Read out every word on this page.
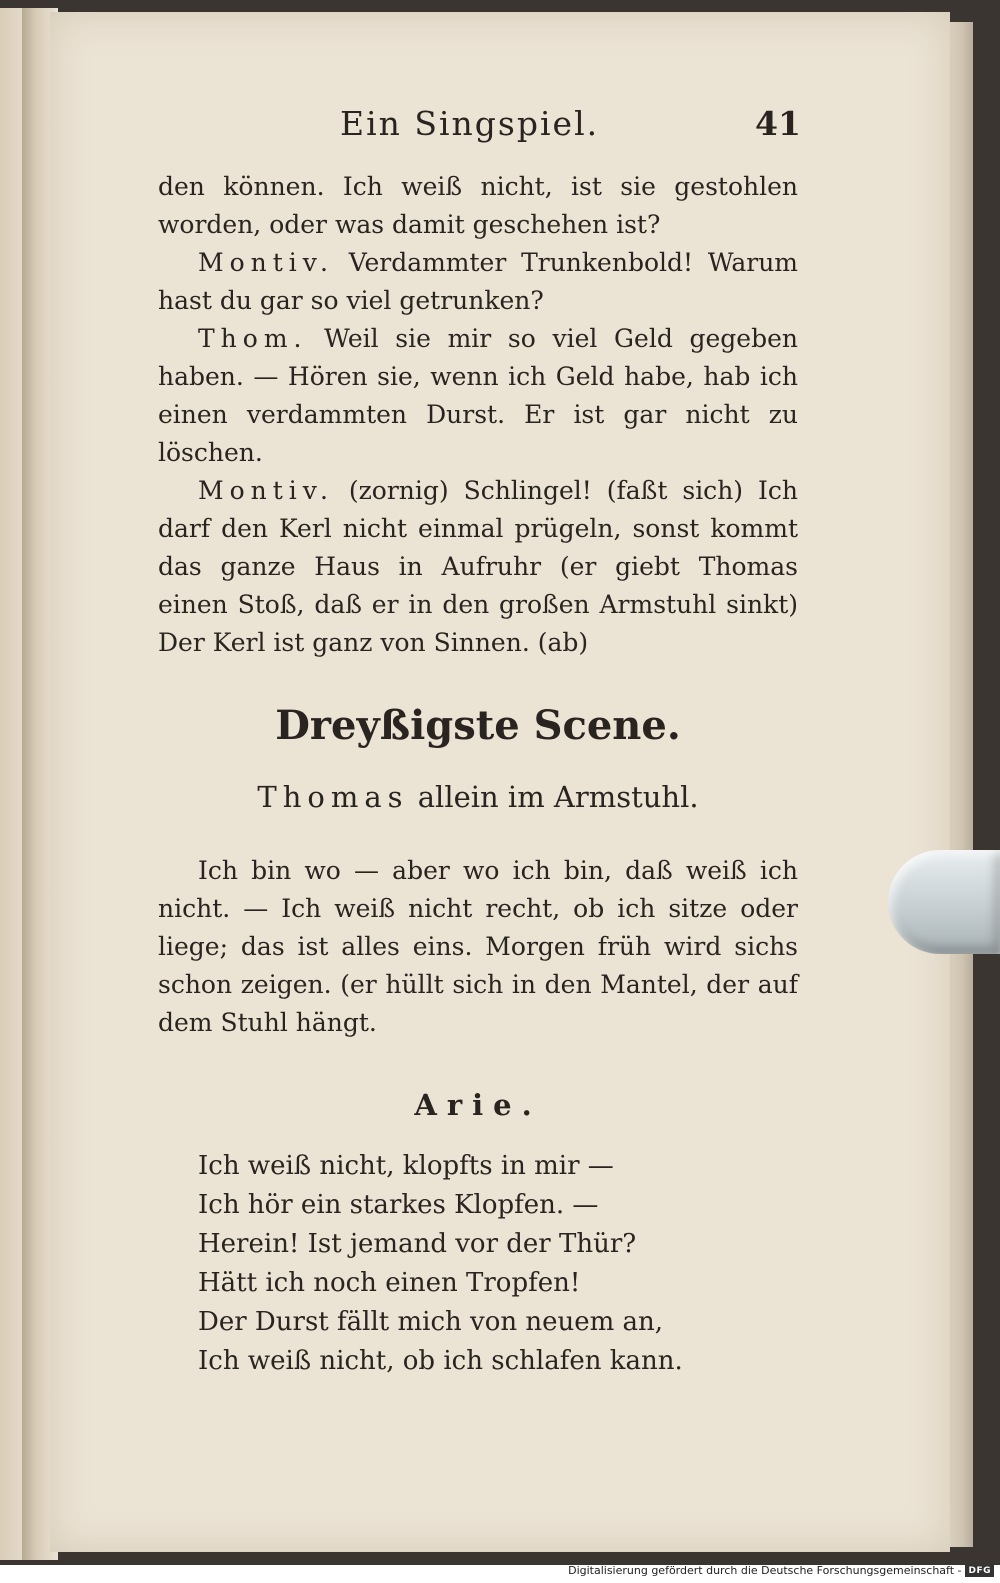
Ein Singspiel.	41

den können. Ich weiß nicht, ist sie gestohlen worden, oder was damit geschehen ist?

Montiv. Verdammter Trunkenbold! Warum hast du gar so viel getrunken?

Thom. Weil sie mir so viel Geld gegeben haben. — Hören sie, wenn ich Geld habe, hab ich einen verdammten Durst. Er ist gar nicht zu löschen.

Montiv. (zornig) Schlingel! (faßt sich) Ich darf den Kerl nicht einmal prügeln, sonst kommt das ganze Haus in Aufruhr (er giebt Thomas einen Stoß, daß er in den großen Armstuhl sinkt) Der Kerl ist ganz von Sinnen. (ab)

Dreyßigste Scene.
Thomas allein im Armstuhl.

Ich bin wo — aber wo ich bin, daß weiß ich nicht. — Ich weiß nicht recht, ob ich sitze oder liege; das ist alles eins. Morgen früh wird sichs schon zeigen. (er hüllt sich in den Mantel, der auf dem Stuhl hängt.

Arie.
Ich weiß nicht, klopfts in mir —
Ich hör ein starkes Klopfen. —
Herein! Ist jemand vor der Thür?
Hätt ich noch einen Tropfen!
Der Durst fällt mich von neuem an,
Ich weiß nicht, ob ich schlafen kann.
Digitalisierung gefördert durch die Deutsche Forschungsgemeinschaft - DFG
